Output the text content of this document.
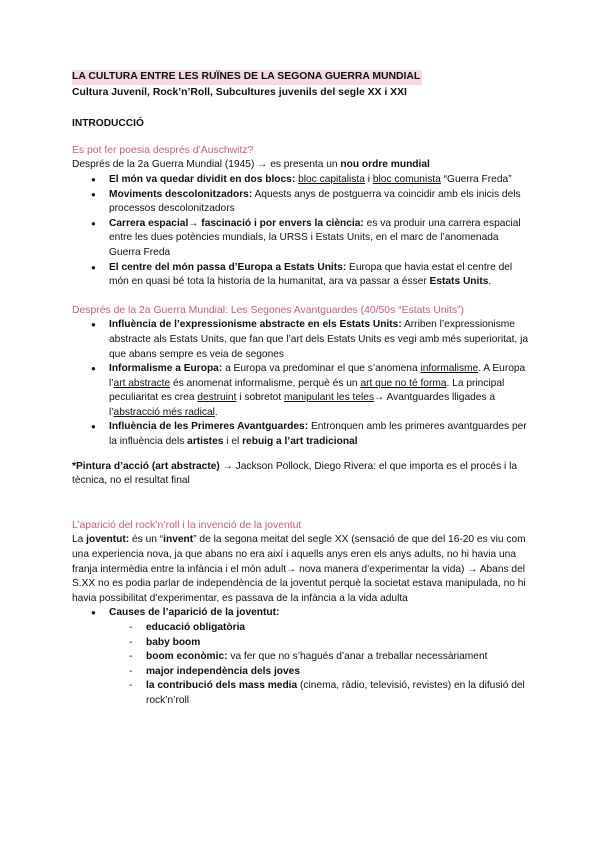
LA CULTURA ENTRE LES RUÏNES DE LA SEGONA GUERRA MUNDIAL
Cultura Juvenil, Rock’n’Roll, Subcultures juvenils del segle XX i XXI
INTRODUCCIÓ
Es pot fer poesia després d’Auschwitz?

Després de la 2a Guerra Mundial (1945) → es presenta un nou ordre mundial

● El món va quedar dividit en dos blocs: bloc capitalista i bloc comunista “Guerra Freda”
● Moviments descolonitzadors: Aquests anys de postguerra va coincidir amb els inicis dels processos descolonitzadors
● Carrera espacial→ fascinació i por envers la ciència: es va produir una carrera espacial entre les dues potències mundials, la URSS i Estats Units, en el marc de l’anomenada Guerra Freda
● El centre del món passa d’Europa a Estats Units: Europa que havia estat el centre del món en quasi bé tota la historia de la humanitat, ara va passar a ésser Estats Units.
Després de la 2a Guerra Mundial: Les Segones Avantguardes (40/50s “Estats Units”)
● Influència de l’expressionisme abstracte en els Estats Units: Arriben l’expressionisme abstracte als Estats Units, que fan que l’art dels Estats Units es vegi amb més superioritat, ja que abans sempre es veia de segones
● Informalisme a Europa: a Europa va predominar el que s’anomena informalisme. A Europa l’art abstracte és anomenat informalisme, perquè és un art que no té forma. La principal peculiaritat es crea destruint i sobretot manipulant les teles→ Avantguardes lligades a l’abstracció més radical.
● Influència de les Primeres Avantguardes: Entronquen amb les primeres avantguardes per la influència dels artistes i el rebuig a l’art tradicional

*Pintura d’acció (art abstracte) → Jackson Pollock, Diego Rivera: el que importa es el procés i la tècnica, no el resultat final

L’aparició del rock’n’roll i la invenció de la joventut

La joventut: és un “invent” de la segona meitat del segle XX (sensació de que del 16-20 es viu com una experiencia nova, ja que abans no era així i aquells anys eren els anys adults, no hi havia una franja intermèdia entre la infància i el món adult→ nova manera d’experimentar la vida) → Abans del S.XX no es podia parlar de independència de la joventut perquè la societat estava manipulada, no hi havia possibilitat d’experimentar, es passava de la infància a la vida adulta

● Causes de l’aparició de la joventut:
- educació obligatòria
- baby boom
- boom econòmic: va fer que no s’hagués d’anar a treballar necessàriament
- major independència dels joves
- la contribució dels mass media (cinema, ràdio, televisió, revistes) en la difusió del rock’n’roll
